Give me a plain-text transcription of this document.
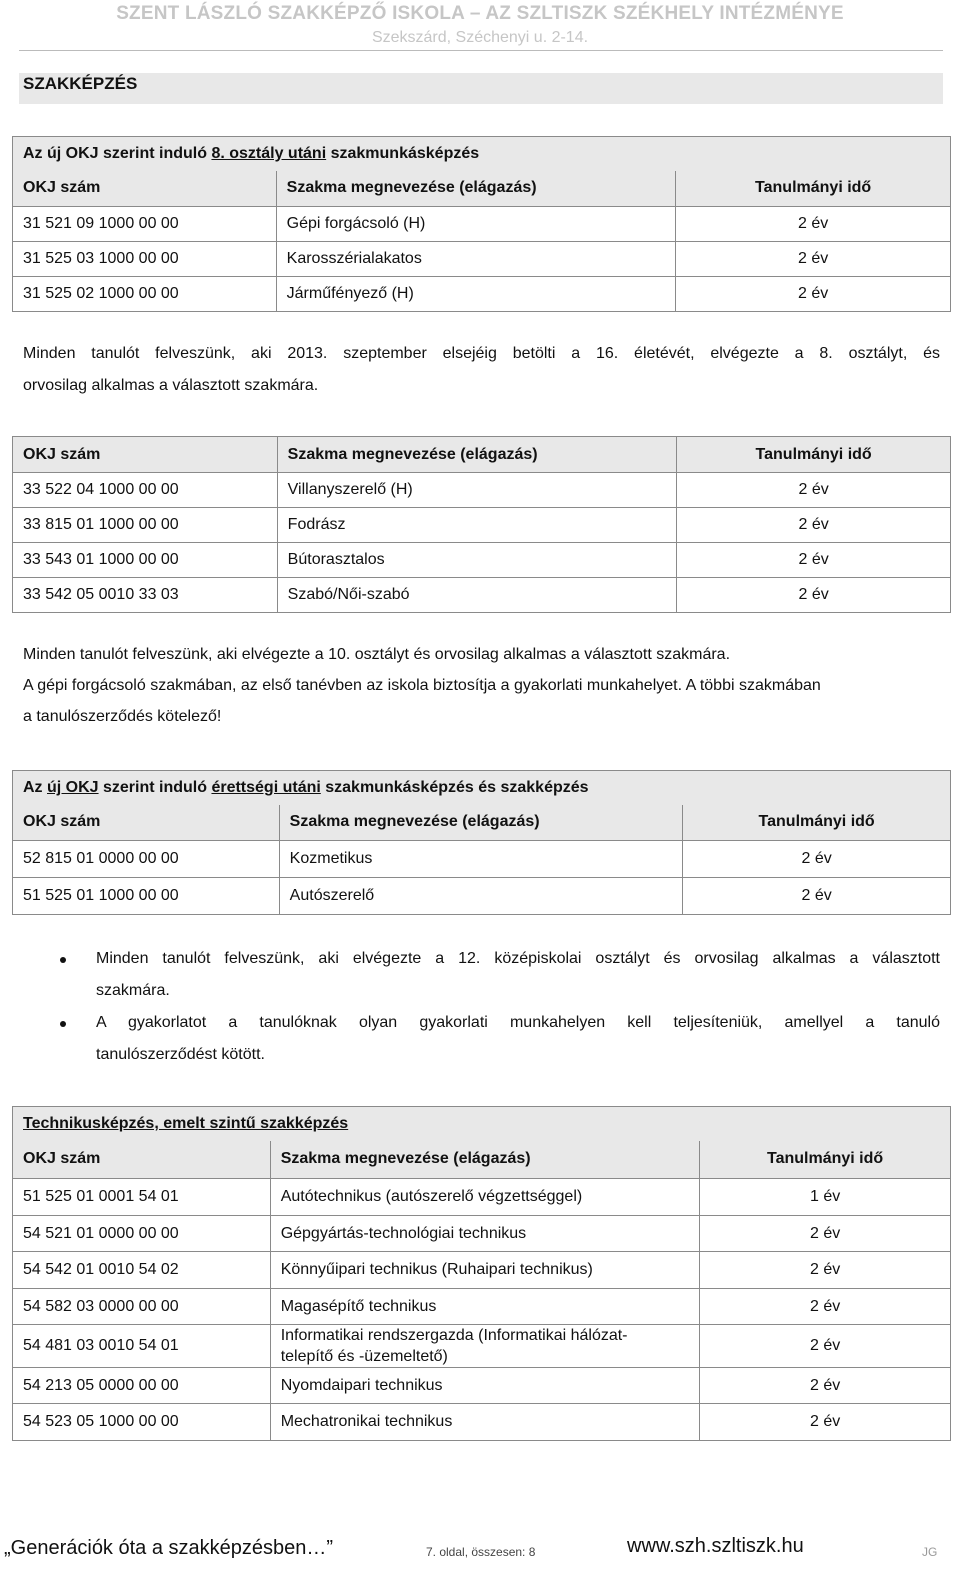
SZENT LÁSZLÓ SZAKKÉPZŐ ISKOLA – AZ SZLTISZK SZÉKHELY INTÉZMÉNYE
Szekszárd, Széchenyi u. 2-14.
SZAKKÉPZÉS
Az új OKJ szerint induló 8. osztály utáni szakmunkásképzés		
OKJ szám	Szakma megnevezése (elágazás)	Tanulmányi idő
31 521 09 1000 00 00	Gépi forgácsoló (H)	2 év
31 525 03 1000 00 00	Karosszérialakatos	2 év
31 525 02 1000 00 00	Járműfényező (H)	2 év

Minden tanulót felveszünk, aki 2013. szeptember elsejéig betölti a 16. életévét, elvégezte a 8. osztályt, és

orvosilag alkalmas a választott szakmára.

OKJ szám	Szakma megnevezése (elágazás)	Tanulmányi idő
33 522 04 1000 00 00	Villanyszerelő (H)	2 év
33 815 01 1000 00 00	Fodrász	2 év
33 543 01 1000 00 00	Bútorasztalos	2 év
33 542 05 0010 33 03	Szabó/Női-szabó	2 év

Minden tanulót felveszünk, aki elvégezte a 10. osztályt és orvosilag alkalmas a választott szakmára.

A gépi forgácsoló szakmában, az első tanévben az iskola biztosítja a gyakorlati munkahelyet. A többi szakmában

a tanulószerződés kötelező!

Az új OKJ szerint induló érettségi utáni szakmunkásképzés és szakképzés		
OKJ szám	Szakma megnevezése (elágazás)	Tanulmányi idő
52 815 01 0000 00 00	Kozmetikus	2 év
51 525 01 1000 00 00	Autószerelő	2 év
Minden tanulót felveszünk, aki elvégezte a 12. középiskolai osztályt és orvosilag alkalmas a választott
szakmára.
A gyakorlatot a tanulóknak olyan gyakorlati munkahelyen kell teljesíteniük, amellyel a tanuló
tanulószerződést kötött.
Technikusképzés, emelt szintű szakképzés		
OKJ szám	Szakma megnevezése (elágazás)	Tanulmányi idő
51 525 01 0001 54 01	Autótechnikus (autószerelő végzettséggel)	1 év
54 521 01 0000 00 00	Gépgyártás-technológiai technikus	2 év
54 542 01 0010 54 02	Könnyűipari technikus (Ruhaipari technikus)	2 év
54 582 03 0000 00 00	Magasépítő technikus	2 év
54 481 03 0010 54 01	Informatikai rendszergazda (Informatikai hálózat-
telepítő és -üzemeltető)	2 év
54 213 05 0000 00 00	Nyomdaipari technikus	2 év
54 523 05 1000 00 00	Mechatronikai technikus	2 év
„Generációk óta a szakképzésben…”	7. oldal, összesen: 8	www.szh.szltiszk.hu	JG
